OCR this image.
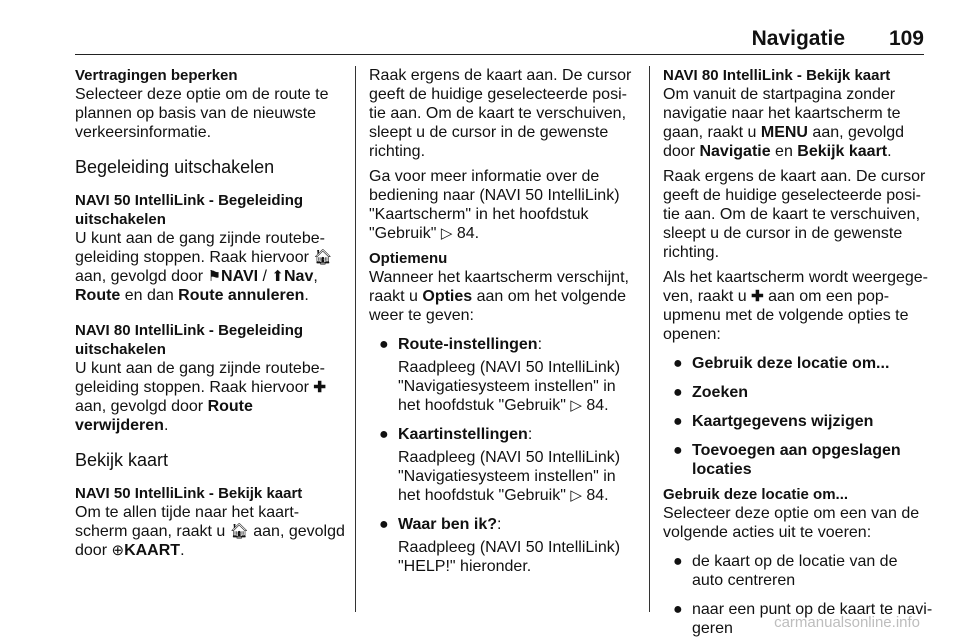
Navigatie 109
Vertragingen beperken

Selecteer deze optie om de route te plannen op basis van de nieuwste verkeersinformatie.

Begeleiding uitschakelen
NAVI 50 IntelliLink - Begeleiding uitschakelen

U kunt aan de gang zijnde routebe-geleiding stoppen. Raak hiervoor 🏠︎ aan, gevolgd door ⚑NAVI / ⬆Nav, Route en dan Route annuleren.

NAVI 80 IntelliLink - Begeleiding uitschakelen

U kunt aan de gang zijnde routebe-geleiding stoppen. Raak hiervoor ✚ aan, gevolgd door Route verwijderen.

Bekijk kaart
NAVI 50 IntelliLink - Bekijk kaart

Om te allen tijde naar het kaart-scherm gaan, raakt u 🏠︎ aan, gevolgd door ⊕KAART.

Raak ergens de kaart aan. De cursor geeft de huidige geselecteerde posi-tie aan. Om de kaart te verschuiven, sleept u de cursor in de gewenste richting.

Ga voor meer informatie over de bediening naar (NAVI 50 IntelliLink) "Kaartscherm" in het hoofdstuk "Gebruik" ▷ 84.

Optiemenu

Wanneer het kaartscherm verschijnt, raakt u Opties aan om het volgende weer te geven:

● Route-instellingen:
Raadpleeg (NAVI 50 IntelliLink) "Navigatiesysteem instellen" in het hoofdstuk "Gebruik" ▷ 84.
● Kaartinstellingen:
Raadpleeg (NAVI 50 IntelliLink) "Navigatiesysteem instellen" in het hoofdstuk "Gebruik" ▷ 84.
● Waar ben ik?:
Raadpleeg (NAVI 50 IntelliLink) "HELP!" hieronder.
NAVI 80 IntelliLink - Bekijk kaart

Om vanuit de startpagina zonder navigatie naar het kaartscherm te gaan, raakt u MENU aan, gevolgd door Navigatie en Bekijk kaart.

Raak ergens de kaart aan. De cursor geeft de huidige geselecteerde posi-tie aan. Om de kaart te verschuiven, sleept u de cursor in de gewenste richting.

Als het kaartscherm wordt weergege-ven, raakt u ✚ aan om een pop-upmenu met de volgende opties te openen:

● Gebruik deze locatie om...
● Zoeken
● Kaartgegevens wijzigen
● Toevoegen aan opgeslagen locaties
Gebruik deze locatie om...

Selecteer deze optie om een van de volgende acties uit te voeren:

● de kaart op de locatie van de auto centreren
● naar een punt op de kaart te navi-geren	carmanualsonline.info
